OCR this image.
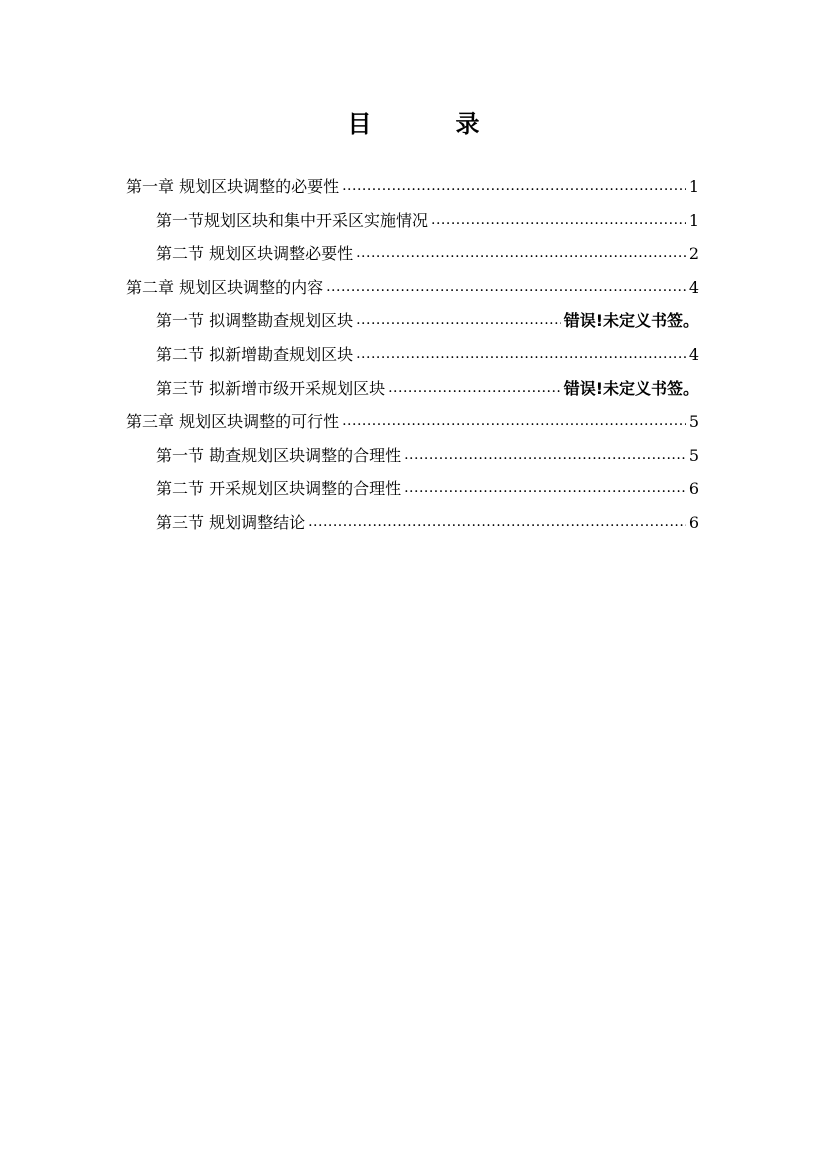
目　录
第一章 规划区块调整的必要性 .....	1
第一节规划区块和集中开采区实施情况 .....	1
第二节 规划区块调整必要性 .....	2
第二章 规划区块调整的内容 .....	4
第一节 拟调整勘查规划区块 .....	错误!未定义书签。
第二节 拟新增勘查规划区块 .....	4
第三节 拟新增市级开采规划区块 .....	错误!未定义书签。
第三章 规划区块调整的可行性 .....	5
第一节 勘查规划区块调整的合理性 .....	5
第二节 开采规划区块调整的合理性 .....	6
第三节 规划调整结论 .....	6
